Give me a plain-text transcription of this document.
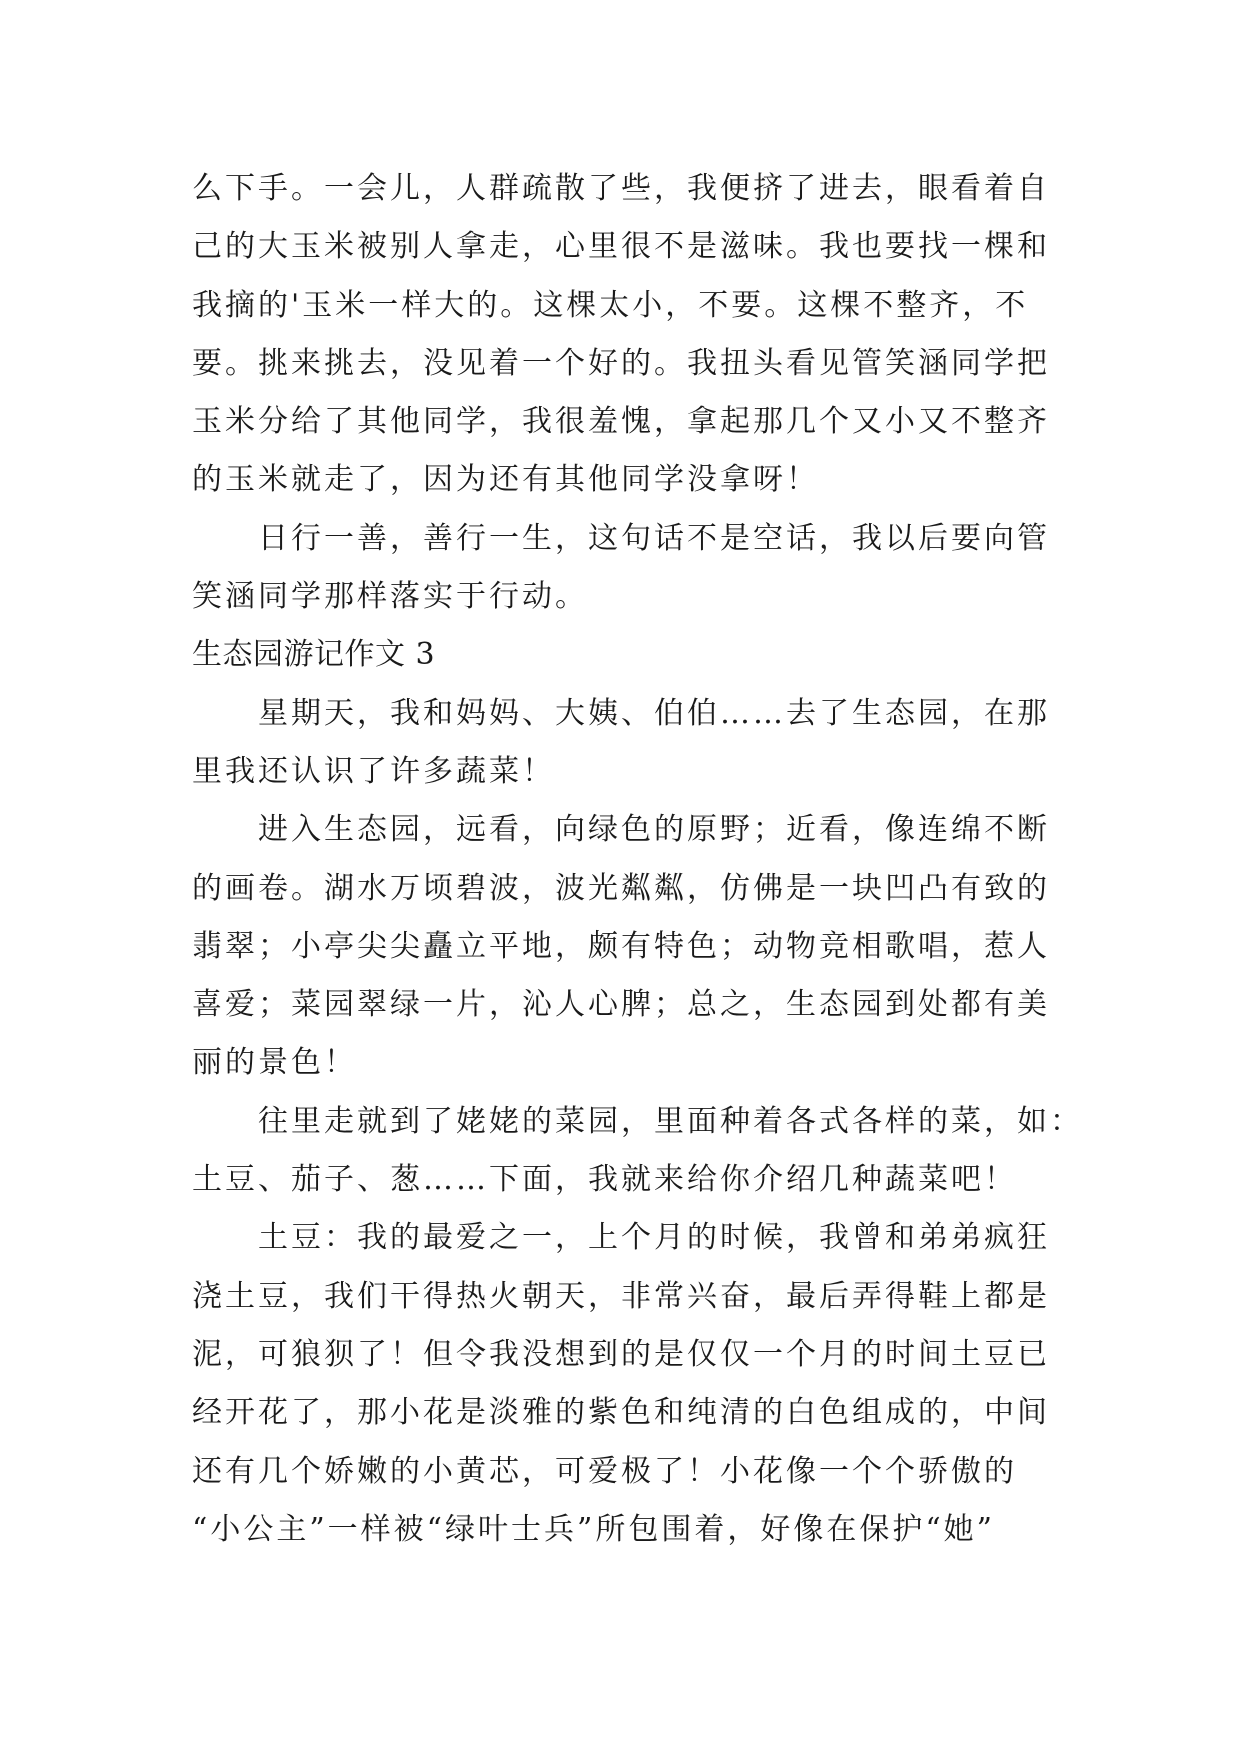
么下手。一会儿，人群疏散了些，我便挤了进去，眼看着自
己的大玉米被别人拿走，心里很不是滋味。我也要找一棵和
我摘的'玉米一样大的。这棵太小，不要。这棵不整齐，不
要。挑来挑去，没见着一个好的。我扭头看见管笑涵同学把
玉米分给了其他同学，我很羞愧，拿起那几个又小又不整齐
的玉米就走了，因为还有其他同学没拿呀！
日行一善，善行一生，这句话不是空话，我以后要向管
笑涵同学那样落实于行动。
生态园游记作文 3
星期天，我和妈妈、大姨、伯伯……去了生态园，在那
里我还认识了许多蔬菜！
进入生态园，远看，向绿色的原野；近看，像连绵不断
的画卷。湖水万顷碧波，波光粼粼，仿佛是一块凹凸有致的
翡翠；小亭尖尖矗立平地，颇有特色；动物竞相歌唱，惹人
喜爱；菜园翠绿一片，沁人心脾；总之，生态园到处都有美
丽的景色！
往里走就到了姥姥的菜园，里面种着各式各样的菜，如：
土豆、茄子、葱……下面，我就来给你介绍几种蔬菜吧！
土豆：我的最爱之一，上个月的时候，我曾和弟弟疯狂
浇土豆，我们干得热火朝天，非常兴奋，最后弄得鞋上都是
泥，可狼狈了！但令我没想到的是仅仅一个月的时间土豆已
经开花了，那小花是淡雅的紫色和纯清的白色组成的，中间
还有几个娇嫩的小黄芯，可爱极了！小花像一个个骄傲的
“小公主”一样被“绿叶士兵”所包围着，好像在保护“她”
